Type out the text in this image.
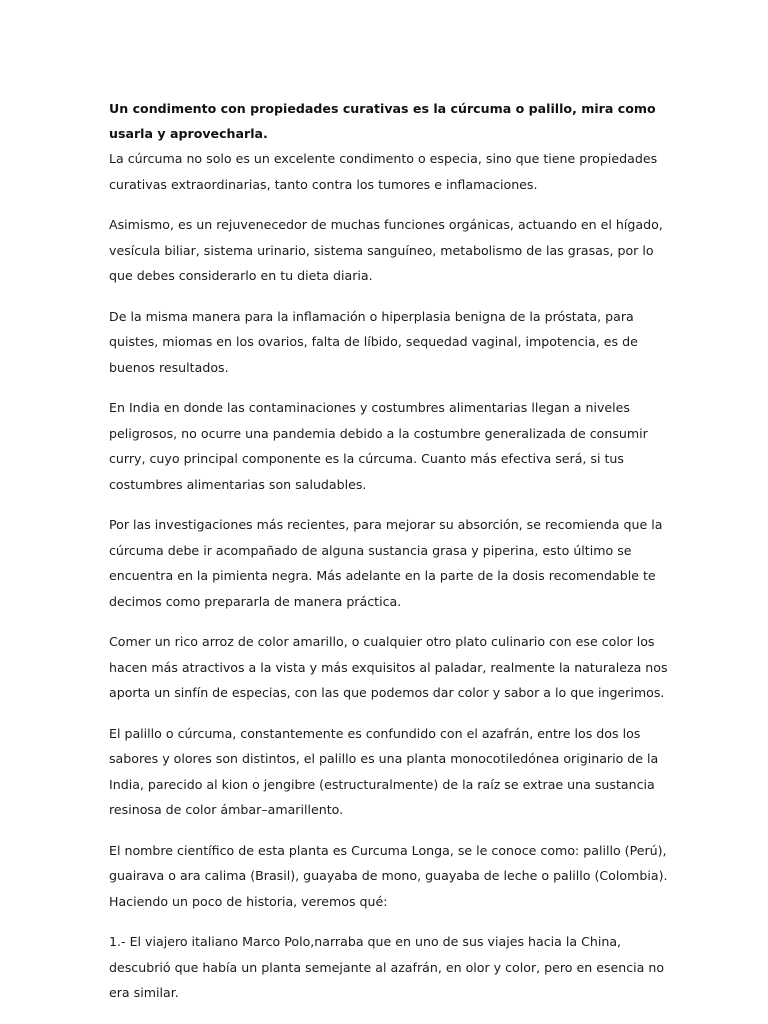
Un condimento con propiedades curativas es la cúrcuma o palillo, mira como usarla y aprovecharla.

La cúrcuma no solo es un excelente condimento o especia, sino que tiene propiedades curativas extraordinarias, tanto contra los tumores e inflamaciones.

Asimismo, es un rejuvenecedor de muchas funciones orgánicas, actuando en el hígado, vesícula biliar, sistema urinario, sistema sanguíneo, metabolismo de las grasas, por lo que debes considerarlo en tu dieta diaria.

De la misma manera para la inflamación o hiperplasia benigna de la próstata, para quistes, miomas en los ovarios, falta de líbido, sequedad vaginal, impotencia, es de buenos resultados.

En India en donde las contaminaciones y costumbres alimentarias llegan a niveles peligrosos, no ocurre una pandemia debido a la costumbre generalizada de consumir curry, cuyo principal componente es la cúrcuma. Cuanto más efectiva será, si tus costumbres alimentarias son saludables.

Por las investigaciones más recientes, para mejorar su absorción, se recomienda que la cúrcuma debe ir acompañado de alguna sustancia grasa y piperina, esto último se encuentra en la pimienta negra. Más adelante en la parte de la dosis recomendable te decimos como prepararla de manera práctica.

Comer un rico arroz de color amarillo, o cualquier otro plato culinario con ese color los hacen más atractivos a la vista y más exquisitos al paladar, realmente la naturaleza nos aporta un sinfín de especias, con las que podemos dar color y sabor a lo que ingerimos.

El palillo o cúrcuma, constantemente es confundido con el azafrán, entre los dos los sabores y olores son distintos, el palillo es una planta monocotiledónea originario de la India, parecido al kion o jengibre (estructuralmente) de la raíz se extrae una sustancia resinosa de color ámbar–amarillento.

El nombre científico de esta planta es Curcuma Longa, se le conoce como: palillo (Perú), guairava o ara calima (Brasil), guayaba de mono, guayaba de leche o palillo (Colombia). Haciendo un poco de historia, veremos qué:

1.- El viajero italiano Marco Polo,narraba que en uno de sus viajes hacia la China, descubrió que había un planta semejante al azafrán, en olor y color, pero en esencia no era similar.
